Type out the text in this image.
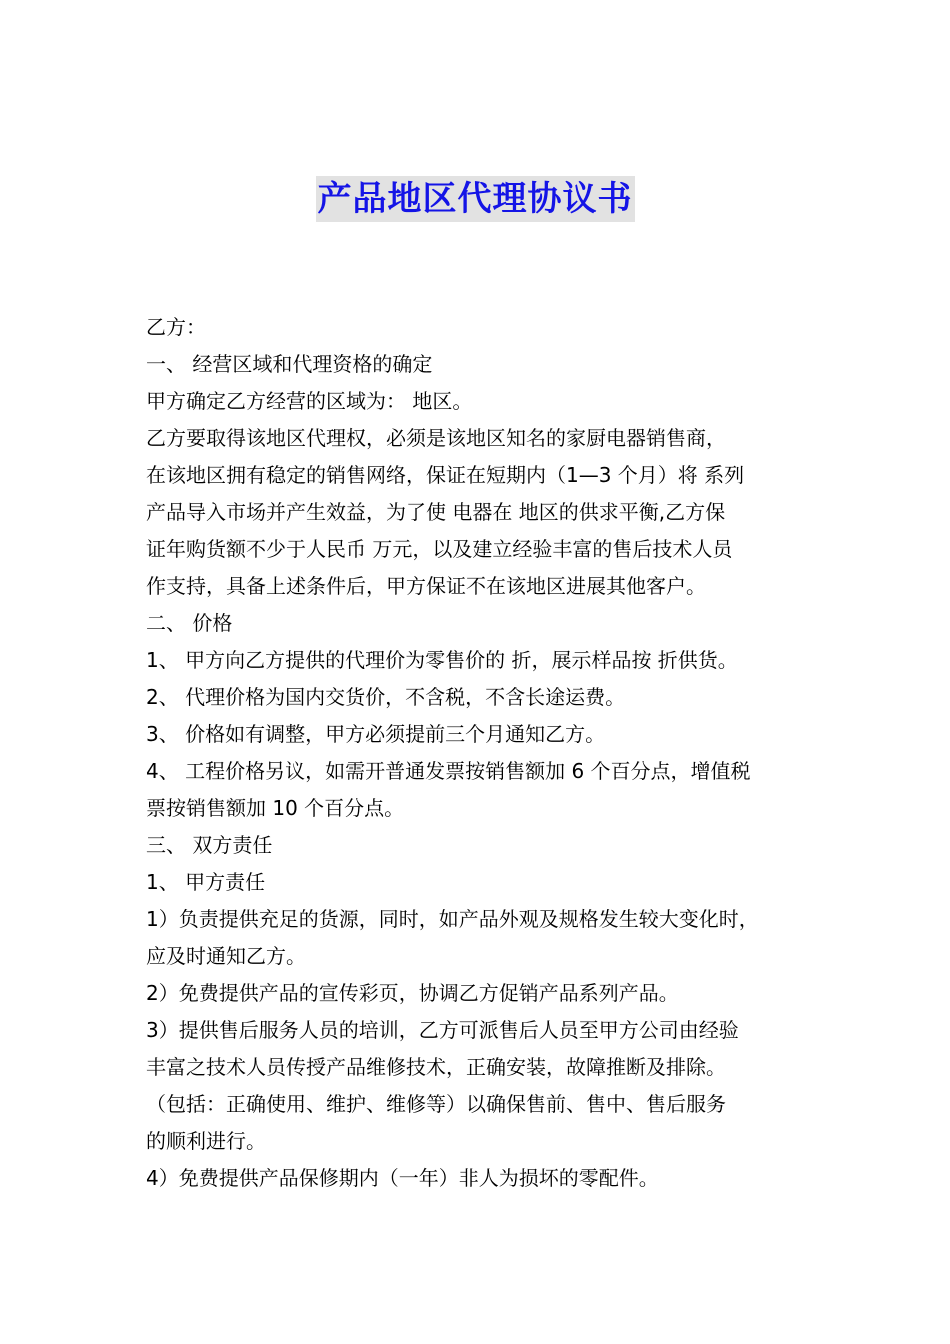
产品地区代理协议书
乙方：
一、 经营区域和代理资格的确定
甲方确定乙方经营的区域为： 地区。
乙方要取得该地区代理权，必须是该地区知名的家厨电器销售商，
在该地区拥有稳定的销售网络，保证在短期内（1—3 个月）将 系列
产品导入市场并产生效益，为了使 电器在 地区的供求平衡,乙方保
证年购货额不少于人民币 万元，以及建立经验丰富的售后技术人员
作支持，具备上述条件后，甲方保证不在该地区进展其他客户。
二、 价格
1、 甲方向乙方提供的代理价为零售价的 折，展示样品按 折供货。
2、 代理价格为国内交货价，不含税，不含长途运费。
3、 价格如有调整，甲方必须提前三个月通知乙方。
4、 工程价格另议，如需开普通发票按销售额加 6 个百分点，增值税
票按销售额加 10 个百分点。
三、 双方责任
1、 甲方责任
1）负责提供充足的货源，同时，如产品外观及规格发生较大变化时，
应及时通知乙方。
2）免费提供产品的宣传彩页，协调乙方促销产品系列产品。
3）提供售后服务人员的培训，乙方可派售后人员至甲方公司由经验
丰富之技术人员传授产品维修技术，正确安装，故障推断及排除。
（包括：正确使用、维护、维修等）以确保售前、售中、售后服务
的顺利进行。
4）免费提供产品保修期内（一年）非人为损坏的零配件。
